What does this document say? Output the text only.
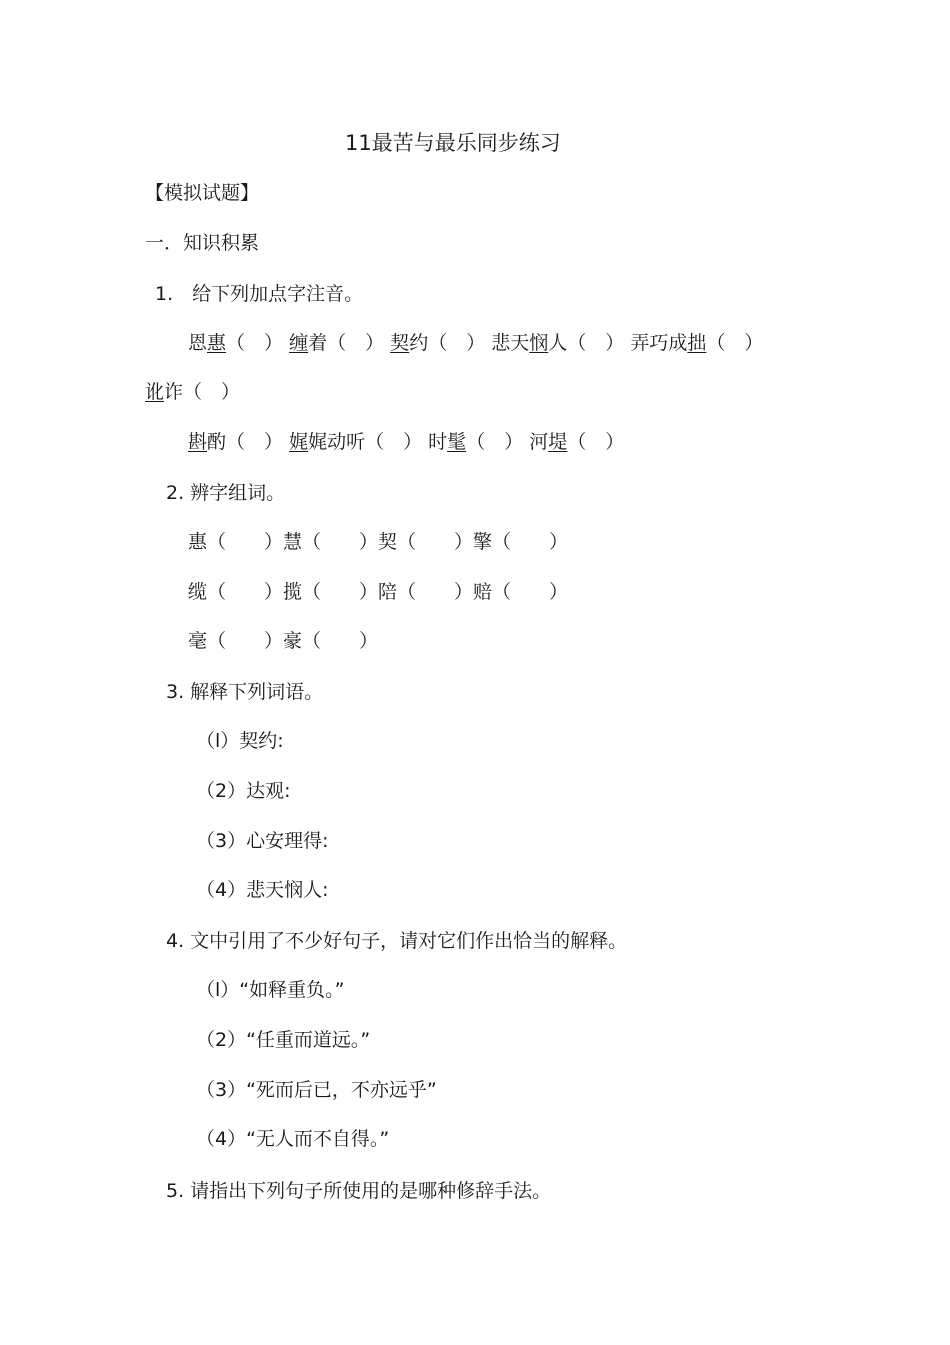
11最苦与最乐同步练习
【模拟试题】
一．知识积累
1.　给下列加点字注音。
恩惠（　） 缠着（　） 契约（　） 悲天悯人（　） 弄巧成拙（　）
讹诈（　）
斟酌（　） 娓娓动听（　） 时髦（　） 河堤（　）
2. 辨字组词。
惠（　　）慧（　　）契（　　）擎（　　）
缆（　　）揽（　　）陪（　　）赔（　　）
毫（　　）豪（　　）
3. 解释下列词语。
（l）契约:
（2）达观:
（3）心安理得:
（4）悲天悯人:
4. 文中引用了不少好句子，请对它们作出恰当的解释。
（l）“如释重负。”
（2）“任重而道远。”
（3）“死而后已，不亦远乎”
（4）“无人而不自得。”
5. 请指出下列句子所使用的是哪种修辞手法。
